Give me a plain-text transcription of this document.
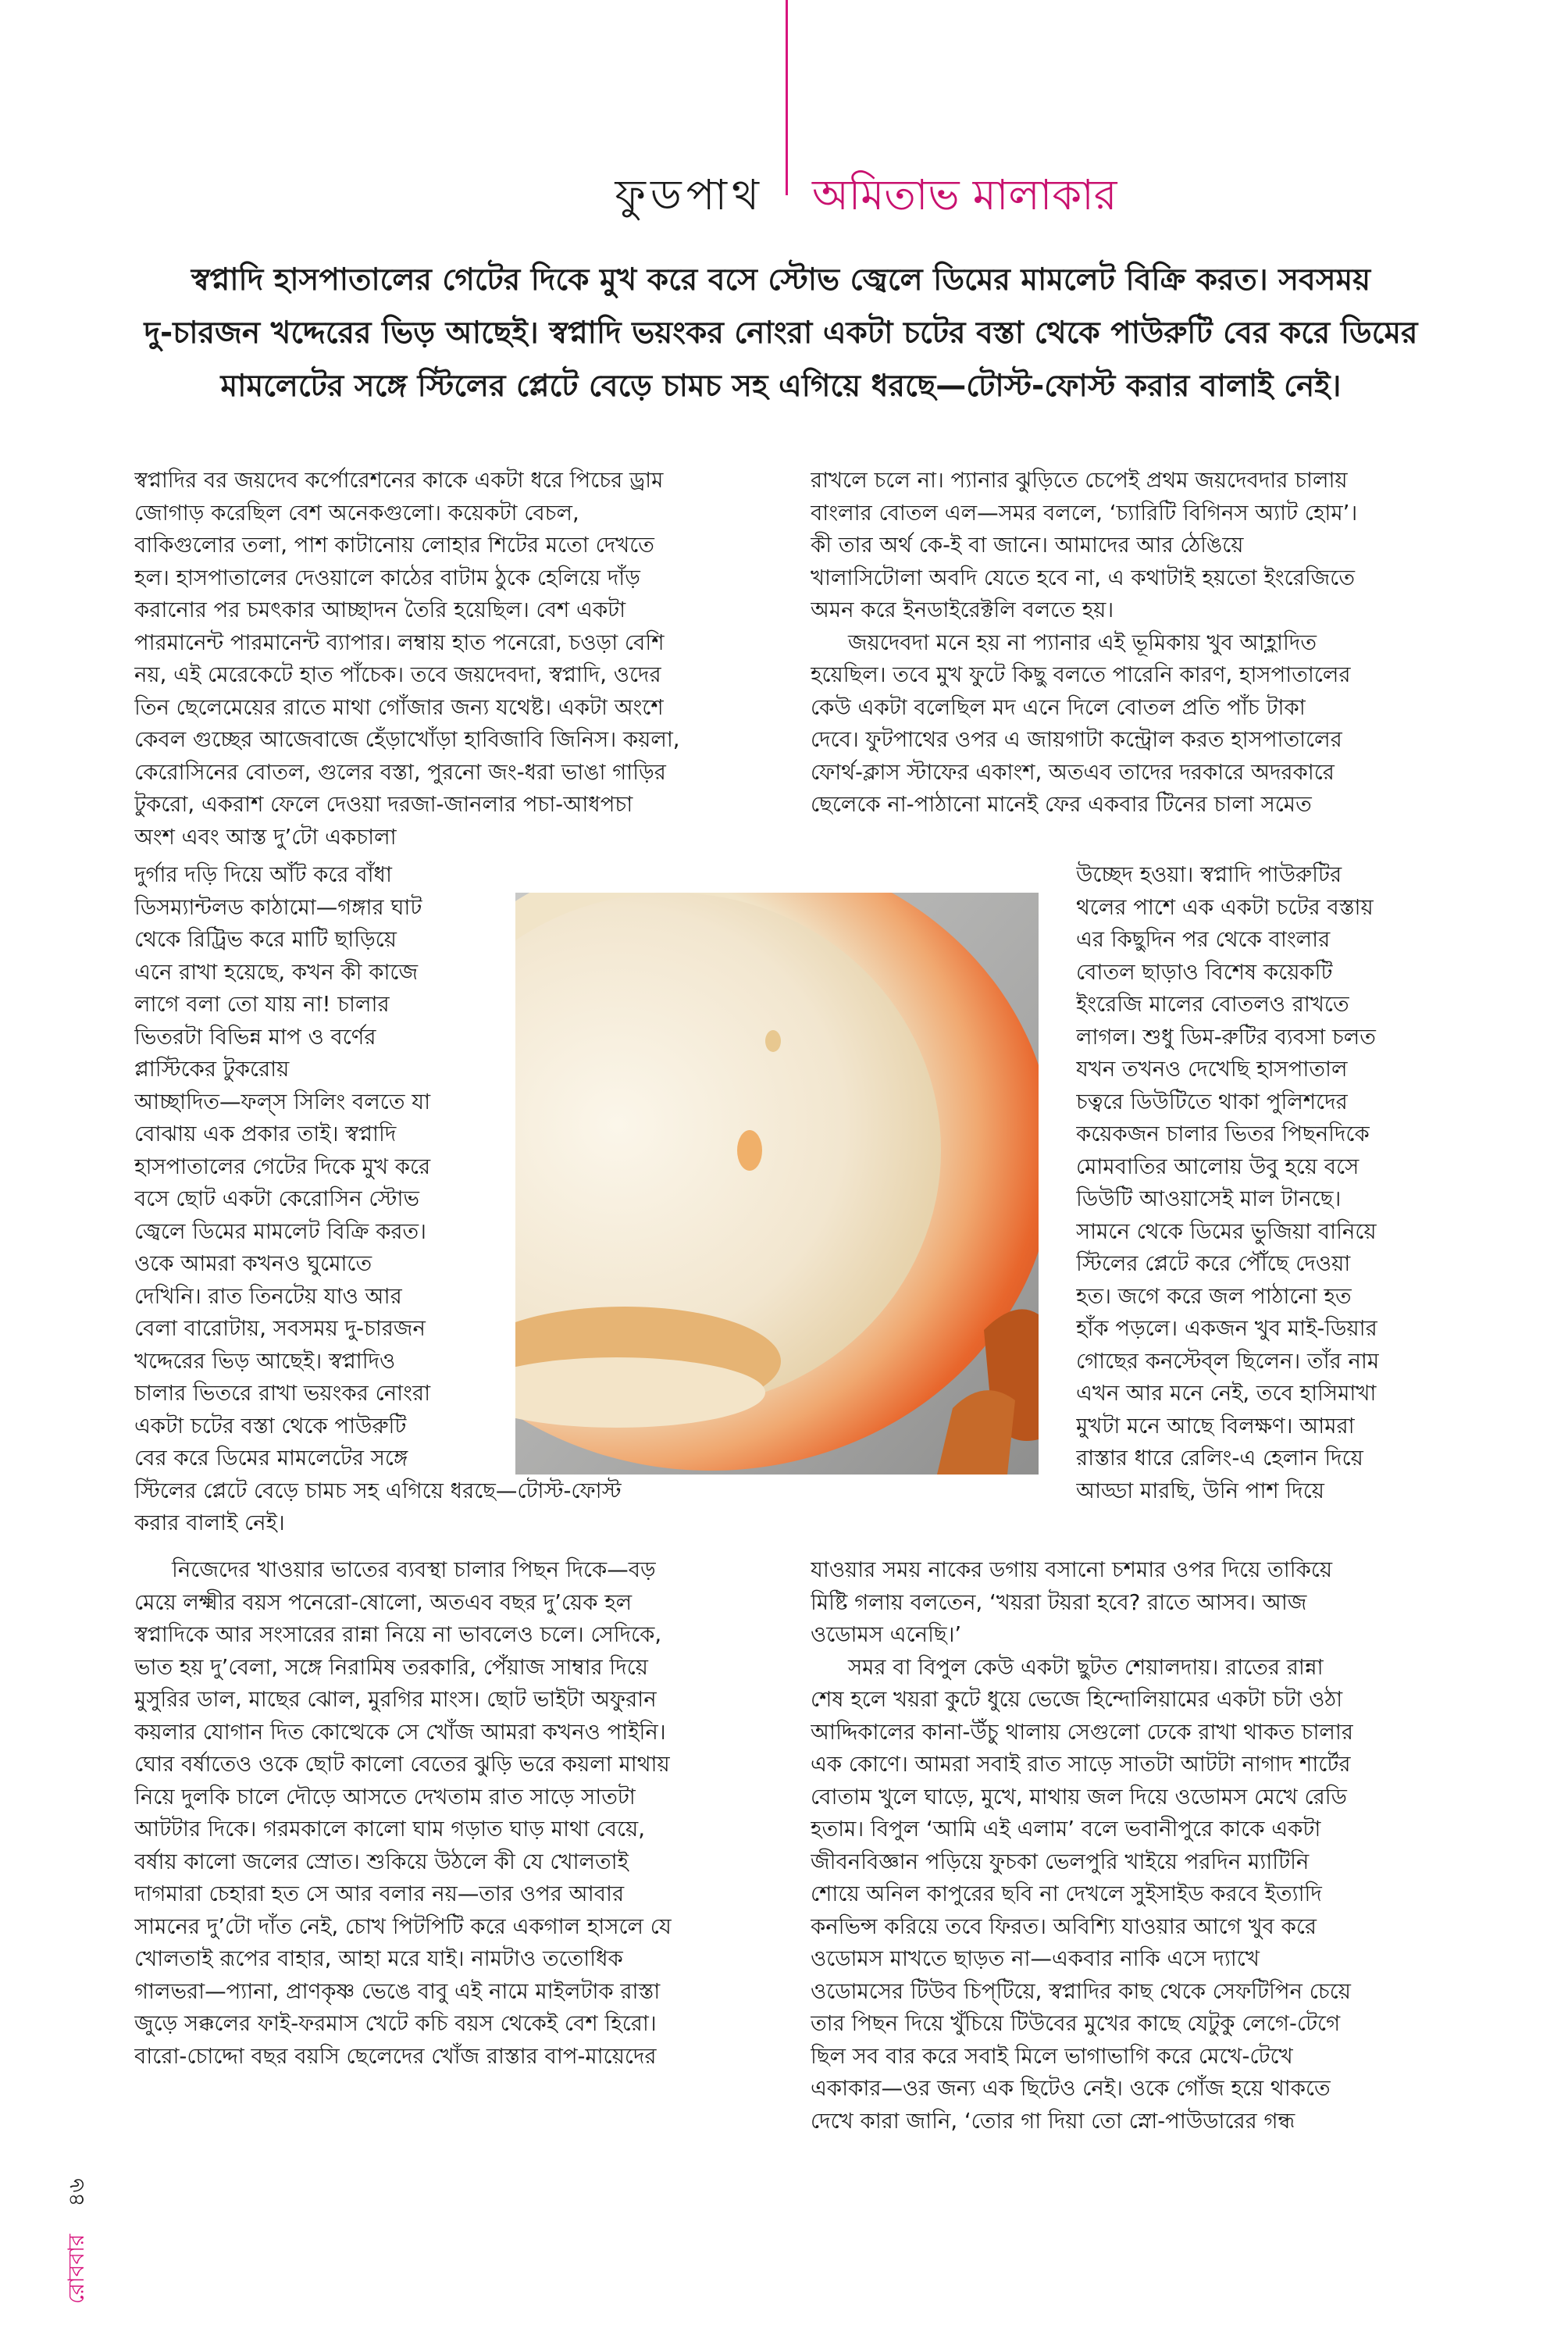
ফুডপাথ অমিতাভ মালাকার
স্বপ্নাদি হাসপাতালের গেটের দিকে মুখ করে বসে স্টোভ জ্বেলে ডিমের মামলেট বিক্রি করত। সবসময়
দু-চারজন খদ্দেরের ভিড় আছেই। স্বপ্নাদি ভয়ংকর নোংরা একটা চটের বস্তা থেকে পাউরুটি বের করে ডিমের
মামলেটের সঙ্গে স্টিলের প্লেটে বেড়ে চামচ সহ এগিয়ে ধরছে—টোস্ট-ফোস্ট করার বালাই নেই।
স্বপ্নাদির বর জয়দেব কর্পোরেশনের কাকে একটা ধরে পিচের ড্রাম
জোগাড় করেছিল বেশ অনেকগুলো। কয়েকটা বেচল,
বাকিগুলোর তলা, পাশ কাটানোয় লোহার শিটের মতো দেখতে
হল। হাসপাতালের দেওয়ালে কাঠের বাটাম ঠুকে হেলিয়ে দাঁড়
করানোর পর চমৎকার আচ্ছাদন তৈরি হয়েছিল। বেশ একটা
পারমানেন্ট পারমানেন্ট ব্যাপার। লম্বায় হাত পনেরো, চওড়া বেশি
নয়, এই মেরেকেটে হাত পাঁচেক। তবে জয়দেবদা, স্বপ্নাদি, ওদের
তিন ছেলেমেয়ের রাতে মাথা গোঁজার জন্য যথেষ্ট। একটা অংশে
কেবল গুচ্ছের আজেবাজে হেঁড়াখোঁড়া হাবিজাবি জিনিস। কয়লা,
কেরোসিনের বোতল, গুলের বস্তা, পুরনো জং-ধরা ভাঙা গাড়ির
টুকরো, একরাশ ফেলে দেওয়া দরজা-জানলার পচা-আধপচা
অংশ এবং আস্ত দু’টো একচালা
দুর্গার দড়ি দিয়ে আঁট করে বাঁধা
ডিসম্যান্টলড কাঠামো—গঙ্গার ঘাট
থেকে রিট্রিভ করে মাটি ছাড়িয়ে
এনে রাখা হয়েছে, কখন কী কাজে
লাগে বলা তো যায় না! চালার
ভিতরটা বিভিন্ন মাপ ও বর্ণের
প্লাস্টিকের টুকরোয়
আচ্ছাদিত—ফল্‌স সিলিং বলতে যা
বোঝায় এক প্রকার তাই। স্বপ্নাদি
হাসপাতালের গেটের দিকে মুখ করে
বসে ছোট একটা কেরোসিন স্টোভ
জ্বেলে ডিমের মামলেট বিক্রি করত।
ওকে আমরা কখনও ঘুমোতে
দেখিনি। রাত তিনটেয় যাও আর
বেলা বারোটায়, সবসময় দু-চারজন
খদ্দেরের ভিড় আছেই। স্বপ্নাদিও
চালার ভিতরে রাখা ভয়ংকর নোংরা
একটা চটের বস্তা থেকে পাউরুটি
বের করে ডিমের মামলেটের সঙ্গে
স্টিলের প্লেটে বেড়ে চামচ সহ এগিয়ে ধরছে—টোস্ট-ফোস্ট
করার বালাই নেই।
নিজেদের খাওয়ার ভাতের ব্যবস্থা চালার পিছন দিকে—বড়
মেয়ে লক্ষ্মীর বয়স পনেরো-ষোলো, অতএব বছর দু’য়েক হল
স্বপ্নাদিকে আর সংসারের রান্না নিয়ে না ভাবলেও চলে। সেদিকে,
ভাত হয় দু’বেলা, সঙ্গে নিরামিষ তরকারি, পেঁয়াজ সাম্বার দিয়ে
মুসুরির ডাল, মাছের ঝোল, মুরগির মাংস। ছোট ভাইটা অফুরান
কয়লার যোগান দিত কোত্থেকে সে খোঁজ আমরা কখনও পাইনি।
ঘোর বর্ষাতেও ওকে ছোট কালো বেতের ঝুড়ি ভরে কয়লা মাথায়
নিয়ে দুলকি চালে দৌড়ে আসতে দেখতাম রাত সাড়ে সাতটা
আটটার দিকে। গরমকালে কালো ঘাম গড়াত ঘাড় মাথা বেয়ে,
বর্ষায় কালো জলের স্রোত। শুকিয়ে উঠলে কী যে খোলতাই
দাগমারা চেহারা হত সে আর বলার নয়—তার ওপর আবার
সামনের দু’টো দাঁত নেই, চোখ পিটপিটি করে একগাল হাসলে যে
খোলতাই রূপের বাহার, আহা মরে যাই। নামটাও ততোধিক
গালভরা—প্যানা, প্রাণকৃষ্ণ ভেঙে বাবু এই নামে মাইলটাক রাস্তা
জুড়ে সক্কলের ফাই-ফরমাস খেটে কচি বয়স থেকেই বেশ হিরো।
বারো-চোদ্দো বছর বয়সি ছেলেদের খোঁজ রাস্তার বাপ-মায়েদের
রাখলে চলে না। প্যানার ঝুড়িতে চেপেই প্রথম জয়দেবদার চালায়
বাংলার বোতল এল—সমর বললে, ‘চ্যারিটি বিগিনস অ্যাট হোম’।
কী তার অর্থ কে-ই বা জানে। আমাদের আর ঠেঙিয়ে
খালাসিটোলা অবদি যেতে হবে না, এ কথাটাই হয়তো ইংরেজিতে
অমন করে ইনডাইরেক্টলি বলতে হয়।
জয়দেবদা মনে হয় না প্যানার এই ভূমিকায় খুব আহ্লাদিত
হয়েছিল। তবে মুখ ফুটে কিছু বলতে পারেনি কারণ, হাসপাতালের
কেউ একটা বলেছিল মদ এনে দিলে বোতল প্রতি পাঁচ টাকা
দেবে। ফুটপাথের ওপর এ জায়গাটা কন্ট্রোল করত হাসপাতালের
ফোর্থ-ক্লাস স্টাফের একাংশ, অতএব তাদের দরকারে অদরকারে
ছেলেকে না-পাঠানো মানেই ফের একবার টিনের চালা সমেত
উচ্ছেদ হওয়া। স্বপ্নাদি পাউরুটির
থলের পাশে এক একটা চটের বস্তায়
এর কিছুদিন পর থেকে বাংলার
বোতল ছাড়াও বিশেষ কয়েকটি
ইংরেজি মালের বোতলও রাখতে
লাগল। শুধু ডিম-রুটির ব্যবসা চলত
যখন তখনও দেখেছি হাসপাতাল
চত্বরে ডিউটিতে থাকা পুলিশদের
কয়েকজন চালার ভিতর পিছনদিকে
মোমবাতির আলোয় উবু হয়ে বসে
ডিউটি আওয়াসেই মাল টানছে।
সামনে থেকে ডিমের ভুজিয়া বানিয়ে
স্টিলের প্লেটে করে পৌঁছে দেওয়া
হত। জগে করে জল পাঠানো হত
হাঁক পড়লে। একজন খুব মাই-ডিয়ার
গোছের কনস্টেব্‌ল ছিলেন। তাঁর নাম
এখন আর মনে নেই, তবে হাসিমাখা
মুখটা মনে আছে বিলক্ষণ। আমরা
রাস্তার ধারে রেলিং-এ হেলান দিয়ে
আড্ডা মারছি, উনি পাশ দিয়ে
যাওয়ার সময় নাকের ডগায় বসানো চশমার ওপর দিয়ে তাকিয়ে
মিষ্টি গলায় বলতেন, ‘খয়রা টয়রা হবে? রাতে আসব। আজ
ওডোমস এনেছি।’
সমর বা বিপুল কেউ একটা ছুটত শেয়ালদায়। রাতের রান্না
শেষ হলে খয়রা কুটে ধুয়ে ভেজে হিন্দোলিয়ামের একটা চটা ওঠা
আদ্দিকালের কানা-উঁচু থালায় সেগুলো ঢেকে রাখা থাকত চালার
এক কোণে। আমরা সবাই রাত সাড়ে সাতটা আটটা নাগাদ শার্টের
বোতাম খুলে ঘাড়ে, মুখে, মাথায় জল দিয়ে ওডোমস মেখে রেডি
হতাম। বিপুল ‘আমি এই এলাম’ বলে ভবানীপুরে কাকে একটা
জীবনবিজ্ঞান পড়িয়ে ফুচকা ভেলপুরি খাইয়ে পরদিন ম্যাটিনি
শোয়ে অনিল কাপুরের ছবি না দেখলে সুইসাইড করবে ইত্যাদি
কনভিন্স করিয়ে তবে ফিরত। অবিশ্যি যাওয়ার আগে খুব করে
ওডোমস মাখতে ছাড়ত না—একবার নাকি এসে দ্যাখে
ওডোমসের টিউব চিপ্‌টিয়ে, স্বপ্নাদির কাছ থেকে সেফটিপিন চেয়ে
তার পিছন দিয়ে খুঁচিয়ে টিউবের মুখের কাছে যেটুকু লেগে-টেগে
ছিল সব বার করে সবাই মিলে ভাগাভাগি করে মেখে-টেখে
একাকার—ওর জন্য এক ছিটেও নেই। ওকে গোঁজ হয়ে থাকতে
দেখে কারা জানি, ‘তোর গা দিয়া তো স্নো-পাউডারের গন্ধ
রোববার ৪৬
